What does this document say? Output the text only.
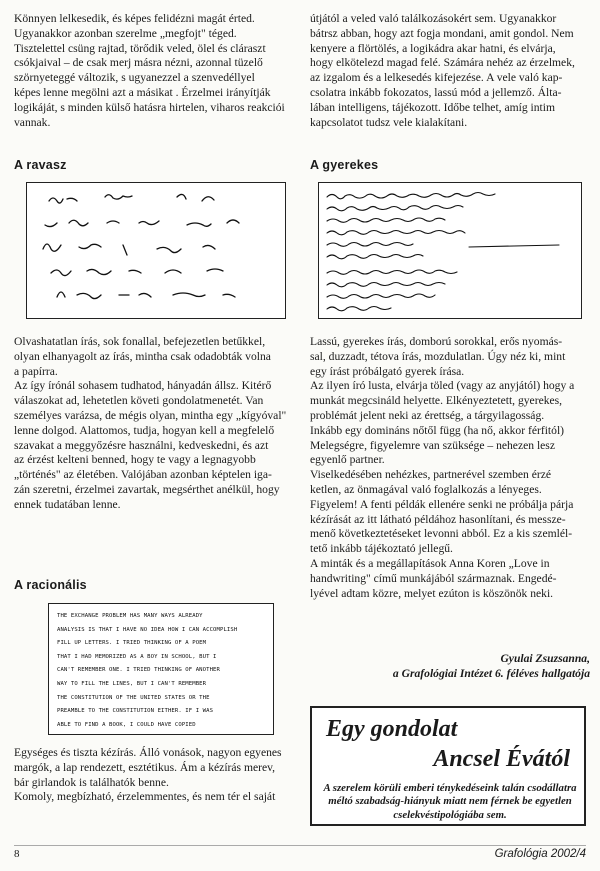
Könnyen lelkesedik, és képes felidézni magát érted.

Ugyanakkor azonban szerelme „megfojt" téged.

Tisztelettel csüng rajtad, törődik veled, ölel és cláraszt

csókjaival – de csak merj másra nézni, azonnal tüzelő

szörnyeteggé változik, s ugyanezzel a szenvedéllyel

képes lenne megölni azt a másikat . Érzelmei irányítják

logikáját, s minden külső hatásra hirtelen, viharos reakciói

vannak.

A ravasz

Olvashatatlan írás, sok fonallal, befejezetlen betűkkel,

olyan elhanyagolt az írás, mintha csak odadobták volna

a papírra.

Az így írónál sohasem tudhatod, hányadán állsz. Kitérő

válaszokat ad, lehetetlen követi gondolatmenetét. Van

személyes varázsa, de mégis olyan, mintha egy „kígyóval"

lenne dolgod. Alattomos, tudja, hogyan kell a megfelelő

szavakat a meggyőzésre használni, kedveskedni, és azt

az érzést kelteni benned, hogy te vagy a legnagyobb

„történés" az életében. Valójában azonban képtelen iga-

zán szeretni, érzelmei zavartak, megsérthet anélkül, hogy

ennek tudatában lenne.

A racionális
THE EXCHANGE PROBLEM HAS MANY WAYS ALREADY
ANALYSIS IS THAT I HAVE NO IDEA HOW I CAN ACCOMPLISH
FILL UP LETTERS. I TRIED THINKING OF A POEM
THAT I HAD MEMORIZED AS A BOY IN SCHOOL, BUT I
CAN'T REMEMBER ONE. I TRIED THINKING OF ANOTHER
WAY TO FILL THE LINES, BUT I CAN'T REMEMBER
THE CONSTITUTION OF THE UNITED STATES OR THE
PREAMBLE TO THE CONSTITUTION EITHER. IF I WAS
ABLE TO FIND A BOOK, I COULD HAVE COPIED

Egységes és tiszta kézírás. Álló vonások, nagyon egyenes

margók, a lap rendezett, esztétikus. Ám a kézírás merev,

bár girlandok is találhatók benne.

Komoly, megbízható, érzelemmentes, és nem tér el saját

útjától a veled való találkozásokért sem. Ugyanakkor

bátrsz abban, hogy azt fogja mondani, amit gondol. Nem

kenyere a flörtölés, a logikádra akar hatni, és elvárja,

hogy elkötelezd magad felé. Számára nehéz az érzelmek,

az izgalom és a lelkesedés kifejezése. A vele való kap-

csolatra inkább fokozatos, lassú mód a jellemző. Álta-

lában intelligens, tájékozott. Időbe telhet, amíg intim

kapcsolatot tudsz vele kialakítani.

A gyerekes

Lassú, gyerekes írás, domború sorokkal, erős nyomás-

sal, duzzadt, tétova írás, mozdulatlan. Úgy néz ki, mint

egy írást próbálgató gyerek írása.

Az ilyen író lusta, elvárja töled (vagy az anyjától) hogy a

munkát megcsináld helyette. Elkényeztetett, gyerekes,

problémát jelent neki az érettség, a tárgyilagosság.

Inkább egy domináns nőtől függ (ha nő, akkor férfitól)

Melegségre, figyelemre van szüksége – nehezen lesz

egyenlő partner.

Viselkedésében nehézkes, partnerével szemben érzé

ketlen, az önmagával való foglalkozás a lényeges.

Figyelem! A fenti példák ellenére senki ne próbálja párja

kézírását az itt látható példához hasonlítani, és messze-

menő következtetéseket levonni abból. Ez a kis szemlél-

tető inkább tájékoztató jellegű.

A minták és a megállapítások Anna Koren „Love in

handwriting" című munkájából származnak. Engedé-

lyével adtam közre, melyet ezúton is köszönök neki.

Gyulai Zsuzsanna,

a Grafológiai Intézet 6. féléves hallgatója

Egy gondolat
Ancsel Évától
A szerelem körüli emberi ténykedéseink talán csodállatra méltó szabadság-hiányuk miatt nem férnek be egyetlen cselekvéstipológiába sem.
8	Grafológia 2002/4
